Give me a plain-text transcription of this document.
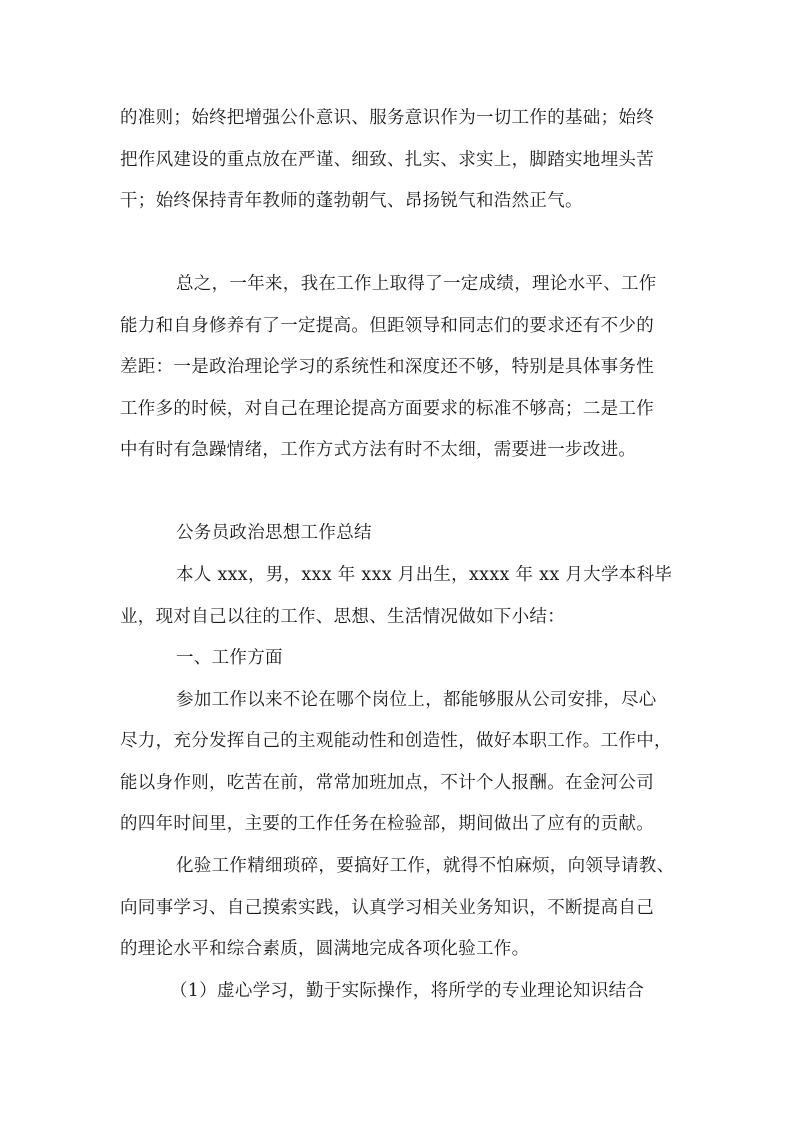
的准则；始终把增强公仆意识、服务意识作为一切工作的基础；始终
把作风建设的重点放在严谨、细致、扎实、求实上，脚踏实地埋头苦
干；始终保持青年教师的蓬勃朝气、昂扬锐气和浩然正气。
总之，一年来，我在工作上取得了一定成绩，理论水平、工作
能力和自身修养有了一定提高。但距领导和同志们的要求还有不少的
差距：一是政治理论学习的系统性和深度还不够，特别是具体事务性
工作多的时候，对自己在理论提高方面要求的标准不够高；二是工作
中有时有急躁情绪，工作方式方法有时不太细，需要进一步改进。
公务员政治思想工作总结
本人 xxx，男，xxx 年 xxx 月出生，xxxx 年 xx 月大学本科毕
业，现对自己以往的工作、思想、生活情况做如下小结：
一、工作方面
参加工作以来不论在哪个岗位上，都能够服从公司安排，尽心
尽力，充分发挥自己的主观能动性和创造性，做好本职工作。工作中，
能以身作则，吃苦在前，常常加班加点，不计个人报酬。在金河公司
的四年时间里，主要的工作任务在检验部，期间做出了应有的贡献。
化验工作精细琐碎，要搞好工作，就得不怕麻烦，向领导请教、
向同事学习、自己摸索实践，认真学习相关业务知识，不断提高自己
的理论水平和综合素质，圆满地完成各项化验工作。
（1）虚心学习，勤于实际操作，将所学的专业理论知识结合
